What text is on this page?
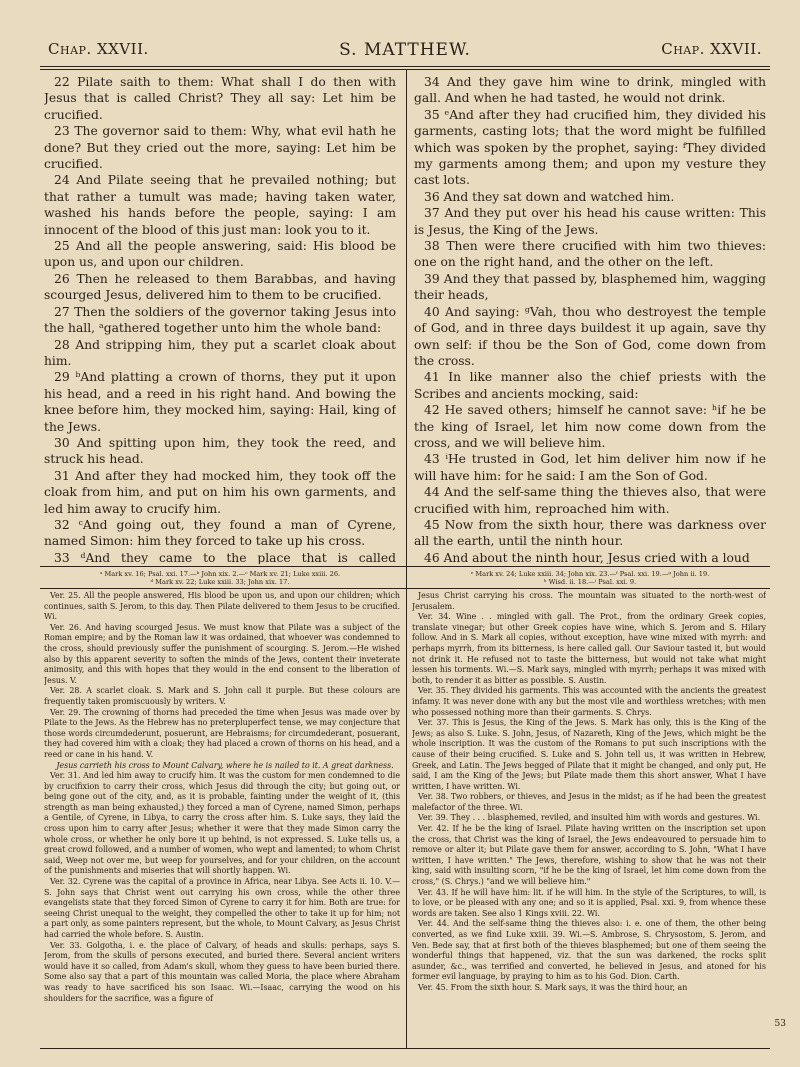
Chap. XXVII.	S. MATTHEW.	Chap. XXVII.

22 Pilate saith to them: What shall I do then with Jesus that is called Christ? They all say: Let him be crucified.

23 The governor said to them: Why, what evil hath he done? But they cried out the more, saying: Let him be crucified.

24 And Pilate seeing that he prevailed nothing; but that rather a tumult was made; having taken water, washed his hands before the people, saying: I am innocent of the blood of this just man: look you to it.

25 And all the people answering, said: His blood be upon us, and upon our children.

26 Then he released to them Barabbas, and having scourged Jesus, delivered him to them to be crucified.

27 Then the soldiers of the governor taking Jesus into the hall, ᵃgathered together unto him the whole band:

28 And stripping him, they put a scarlet cloak about him.

29 ᵇAnd platting a crown of thorns, they put it upon his head, and a reed in his right hand. And bowing the knee before him, they mocked him, saying: Hail, king of the Jews.

30 And spitting upon him, they took the reed, and struck his head.

31 And after they had mocked him, they took off the cloak from him, and put on him his own garments, and led him away to crucify him.

32 ᶜAnd going out, they found a man of Cyrene, named Simon: him they forced to take up his cross.

33 ᵈAnd they came to the place that is called

34 And they gave him wine to drink, mingled with gall. And when he had tasted, he would not drink.

35 ᵉAnd after they had crucified him, they divided his garments, casting lots; that the word might be fulfilled which was spoken by the prophet, saying: ᶠThey divided my garments among them; and upon my vesture they cast lots.

36 And they sat down and watched him.

37 And they put over his head his cause written: This is Jesus, the King of the Jews.

38 Then were there crucified with him two thieves: one on the right hand, and the other on the left.

39 And they that passed by, blasphemed him, wagging their heads,

40 And saying: ᵍVah, thou who destroyest the temple of God, and in three days buildest it up again, save thy own self: if thou be the Son of God, come down from the cross.

41 In like manner also the chief priests with the Scribes and ancients mocking, said:

42 He saved others; himself he cannot save: ʰif he be the king of Israel, let him now come down from the cross, and we will believe him.

43 ⁱHe trusted in God, let him deliver him now if he will have him: for he said: I am the Son of God.

44 And the self-same thing the thieves also, that were crucified with him, reproached him with.

45 Now from the sixth hour, there was darkness over all the earth, until the ninth hour.

46 And about the ninth hour, Jesus cried with a loud

ᵃ Mark xv. 16; Psal. xxi. 17.—ᵇ John xix. 2.—ᶜ Mark xv. 21; Luke xxiii. 26.
ᵈ Mark xv. 22; Luke xxiii. 33; John xix. 17.
ᵉ Mark xv. 24; Luke xxiii. 34; John xix. 23.—ᶠ Psal. xxi. 19.—ᵍ John ii. 19.
ʰ Wisd. ii. 18.—ⁱ Psal. xxi. 9.

Ver. 25. All the people answered, His blood be upon us, and upon our children; which continues, saith S. Jerom, to this day. Then Pilate delivered to them Jesus to be crucified. Wi.

Ver. 26. And having scourged Jesus. We must know that Pilate was a subject of the Roman empire; and by the Roman law it was ordained, that whoever was condemned to the cross, should previously suffer the punishment of scourging. S. Jerom.—He wished also by this apparent severity to soften the minds of the Jews, content their inveterate animosity, and this with hopes that they would in the end consent to the liberation of Jesus. V.

Ver. 28. A scarlet cloak. S. Mark and S. John call it purple. But these colours are frequently taken promiscuously by writers. V.

Ver. 29. The crowning of thorns had preceded the time when Jesus was made over by Pilate to the Jews. As the Hebrew has no preterpluperfect tense, we may conjecture that those words circumdederunt, posuerunt, are Hebraisms; for circumdederant, posuerant, they had covered him with a cloak; they had placed a crown of thorns on his head, and a reed or cane in his hand. V.

Jesus carrieth his cross to Mount Calvary, where he is nailed to it. A great darkness.

Ver. 31. And led him away to crucify him. It was the custom for men condemned to die by crucifixion to carry their cross, which Jesus did through the city; but going out, or being gone out of the city, and, as it is probable, fainting under the weight of it, (this strength as man being exhausted,) they forced a man of Cyrene, named Simon, perhaps a Gentile, of Cyrene, in Libya, to carry the cross after him. S. Luke says, they laid the cross upon him to carry after Jesus; whether it were that they made Simon carry the whole cross, or whether he only bore it up behind, is not expressed. S. Luke tells us, a great crowd followed, and a number of women, who wept and lamented; to whom Christ said, Weep not over me, but weep for yourselves, and for your children, on the account of the punishments and miseries that will shortly happen. Wi.

Ver. 32. Cyrene was the capital of a province in Africa, near Libya. See Acts ii. 10. V.—S. John says that Christ went out carrying his own cross, while the other three evangelists state that they forced Simon of Cyrene to carry it for him. Both are true: for seeing Christ unequal to the weight, they compelled the other to take it up for him; not a part only, as some painters represent, but the whole, to Mount Calvary, as Jesus Christ had carried the whole before. S. Austin.

Ver. 33. Golgotha, i. e. the place of Calvary, of heads and skulls: perhaps, says S. Jerom, from the skulls of persons executed, and buried there. Several ancient writers would have it so called, from Adam's skull, whom they guess to have been buried there. Some also say that a part of this mountain was called Moria, the place where Abraham was ready to have sacrificed his son Isaac. Wi.—Isaac, carrying the wood on his shoulders for the sacrifice, was a figure of

Jesus Christ carrying his cross. The mountain was situated to the north-west of Jerusalem.

Ver. 34. Wine . . mingled with gall. The Prot., from the ordinary Greek copies, translate vinegar; but other Greek copies have wine, which S. Jerom and S. Hilary follow. And in S. Mark all copies, without exception, have wine mixed with myrrh: and perhaps myrrh, from its bitterness, is here called gall. Our Saviour tasted it, but would not drink it. He refused not to taste the bitterness, but would not take what might lessen his torments. Wi.—S. Mark says, mingled with myrrh; perhaps it was mixed with both, to render it as bitter as possible. S. Austin.

Ver. 35. They divided his garments. This was accounted with the ancients the greatest infamy. It was never done with any but the most vile and worthless wretches; with men who possessed nothing more than their garments. S. Chrys.

Ver. 37. This is Jesus, the King of the Jews. S. Mark has only, this is the King of the Jews; as also S. Luke. S. John, Jesus, of Nazareth, King of the Jews, which might be the whole inscription. It was the custom of the Romans to put such inscriptions with the cause of their being crucified. S. Luke and S. John tell us, it was written in Hebrew, Greek, and Latin. The Jews begged of Pilate that it might be changed, and only put, He said, I am the King of the Jews; but Pilate made them this short answer, What I have written, I have written. Wi.

Ver. 38. Two robbers, or thieves, and Jesus in the midst; as if he had been the greatest malefactor of the three. Wi.

Ver. 39. They . . . blasphemed, reviled, and insulted him with words and gestures. Wi.

Ver. 42. If he be the king of Israel. Pilate having written on the inscription set upon the cross, that Christ was the king of Israel, the Jews endeavoured to persuade him to remove or alter it; but Pilate gave them for answer, according to S. John, "What I have written, I have written." The Jews, therefore, wishing to show that he was not their king, said with insulting scorn, "if he be the king of Israel, let him come down from the cross," (S. Chrys.) "and we will believe him."

Ver. 43. If he will have him: lit. if he will him. In the style of the Scriptures, to will, is to love, or be pleased with any one; and so it is applied, Psal. xxi. 9, from whence these words are taken. See also 1 Kings xviii. 22. Wi.

Ver. 44. And the self-same thing the thieves also: i. e. one of them, the other being converted, as we find Luke xxiii. 39. Wi.—S. Ambrose, S. Chrysostom, S. Jerom, and Ven. Bede say, that at first both of the thieves blasphemed; but one of them seeing the wonderful things that happened, viz. that the sun was darkened, the rocks split asunder, &c., was terrified and converted, he believed in Jesus, and atoned for his former evil language, by praying to him as to his God. Dion. Carth.

Ver. 45. From the sixth hour. S. Mark says, it was the third hour, an

53
